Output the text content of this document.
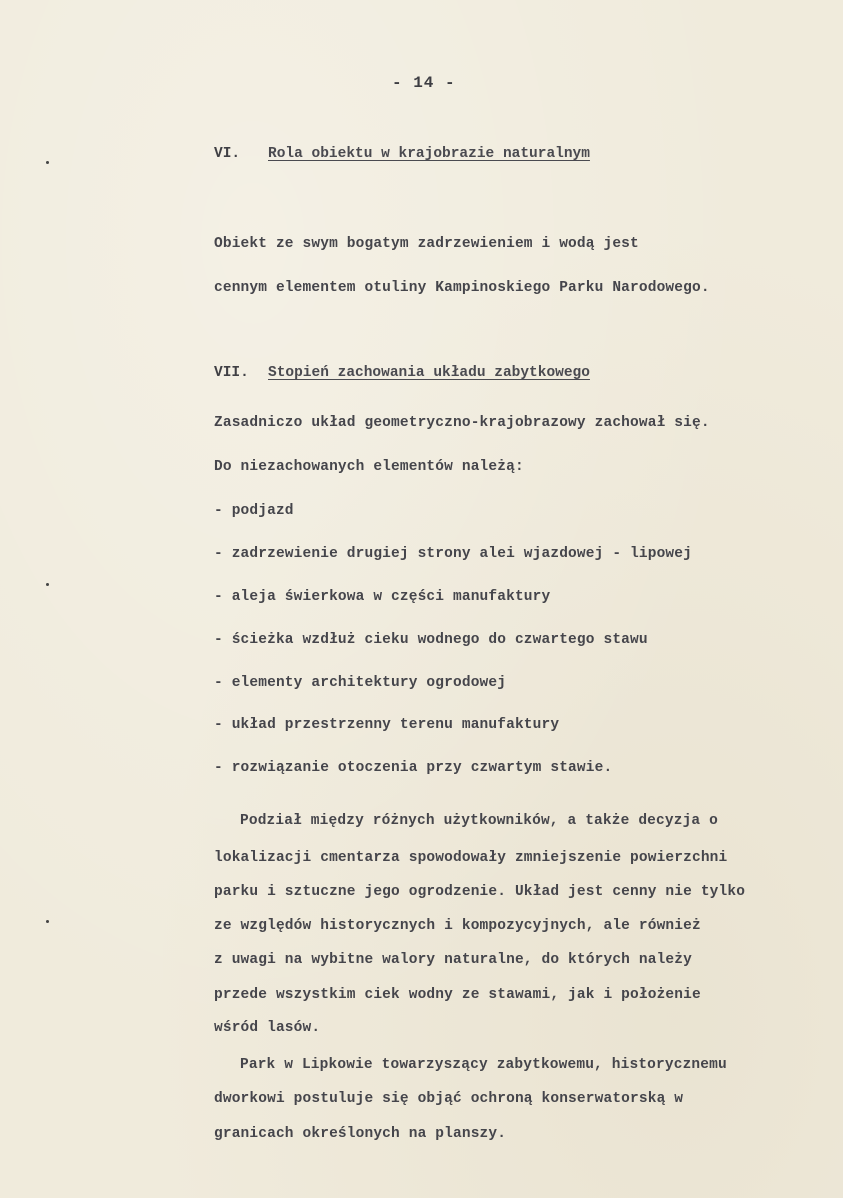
- 14 -
VI. Rola obiektu w krajobrazie naturalnym
Obiekt ze swym bogatym zadrzewieniem i wodą jest
cennym elementem otuliny Kampinoskiego Parku Narodowego.
VII. Stopień zachowania układu zabytkowego
Zasadniczo układ geometryczno-krajobrazowy zachował się.
Do niezachowanych elementów należą:
- podjazd
- zadrzewienie drugiej strony alei wjazdowej - lipowej
- aleja świerkowa w części manufaktury
- ścieżka wzdłuż cieku wodnego do czwartego stawu
- elementy architektury ogrodowej
- układ przestrzenny terenu manufaktury
- rozwiązanie otoczenia przy czwartym stawie.
Podział między różnych użytkowników, a także decyzja o
lokalizacji cmentarza spowodowały zmniejszenie powierzchni
parku i sztuczne jego ogrodzenie. Układ jest cenny nie tylko
ze względów historycznych i kompozycyjnych, ale również
z uwagi na wybitne walory naturalne, do których należy
przede wszystkim ciek wodny ze stawami, jak i położenie
wśród lasów.
Park w Lipkowie towarzyszący zabytkowemu, historycznemu
dworkowi postuluje się objąć ochroną konserwatorską w
granicach określonych na planszy.
